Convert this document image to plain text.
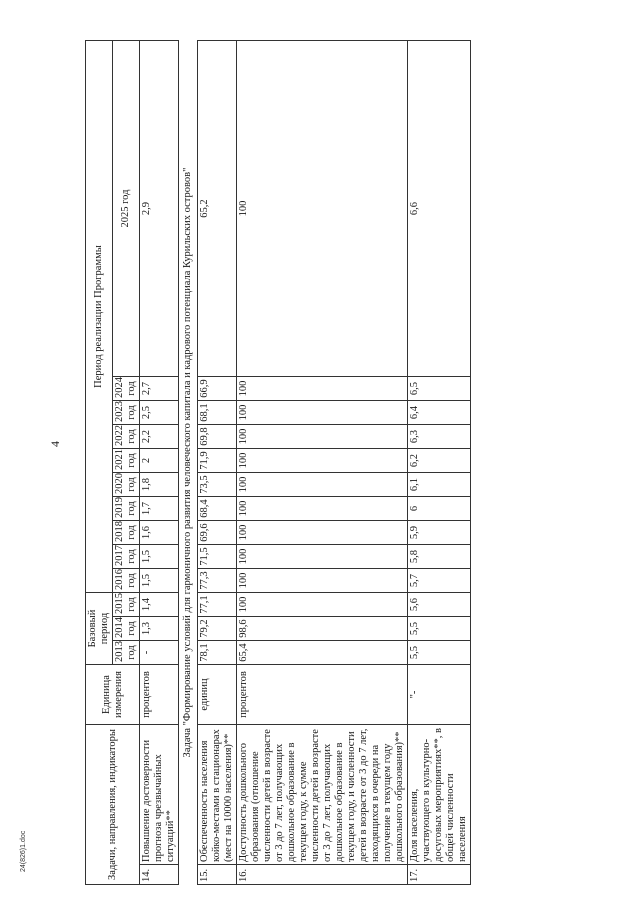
4
Задачи, направления, индикаторы		Единица измерения	Базовый период			Период реализации Программы									
			2013 год	2014 год	2015 год	2016 год	2017 год	2018 год	2019 год	2020 год	2021 год	2022 год	2023 год	2024 год	2025 год
14.	Повышение достоверности прогноза чрезвычайных ситуаций**	процентов	-	1,3	1,4	1,5	1,5	1,6	1,7	1,8	2	2,2	2,5	2,7	2,9
Задача "Формирование условий для гармоничного развития человеческого капитала и кадрового потенциала Курильских островов"															
15.	Обеспеченность населения койко-местами в стационарах (мест на 10000 населения)**	единиц	78,1	79,2	77,1	77,3	71,5	69,6	68,4	73,5	71,9	69,8	68,1	66,9	65,2
16.	Доступность дошкольного образования (отношение численности детей в возрасте от 3 до 7 лет, получающих дошкольное образование в текущем году, к сумме численности детей в возрасте от 3 до 7 лет, получающих дошкольное образование в текущем году, и численности детей в возрасте от 3 до 7 лет, находящихся в очереди на получение в текущем году дошкольного образования)**	процентов	65,4	98,6	100	100	100	100	100	100	100	100	100	100	100
17.	Доля населения, участвующего в культурно-досуговых мероприятиях**, в общей численности населения	"-	5,5	5,5	5,6	5,7	5,8	5,9	6	6,1	6,2	6,3	6,4	6,5	6,6
24(826)1.doc
